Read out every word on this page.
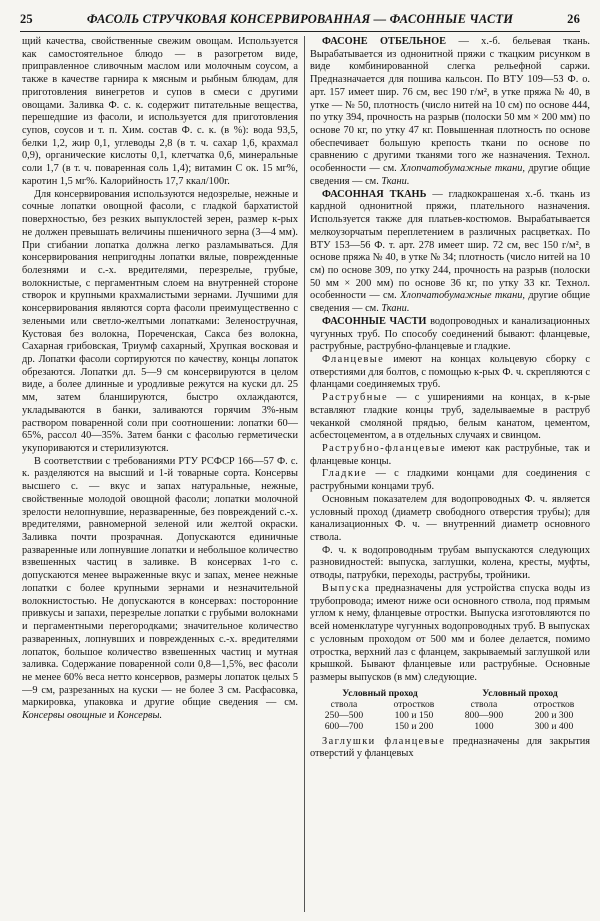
25	ФАСОЛЬ СТРУЧКОВАЯ КОНСЕРВИРОВАННАЯ — ФАСОННЫЕ ЧАСТИ	26

щий качества, свойственные свежим овощам. Используется как самостоятельное блюдо — в разогретом виде, приправленное сливочным маслом или молочным соусом, а также в качестве гарнира к мясным и рыбным блюдам, для приготовления винегретов и супов в смеси с другими овощами. Заливка Ф. с. к. содержит питательные вещества, перешедшие из фасоли, и используется для приготовления супов, соусов и т. п. Хим. состав Ф. с. к. (в %): вода 93,5, белки 1,2, жир 0,1, углеводы 2,8 (в т. ч. сахар 1,6, крахмал 0,9), органические кислоты 0,1, клетчатка 0,6, минеральные соли 1,7 (в т. ч. поваренная соль 1,4); витамин С ок. 15 мг%, каротин 1,5 мг%. Калорийность 17,7 ккал/100г.

Для консервирования используются недозрелые, нежные и сочные лопатки овощной фасоли, с гладкой бархатистой поверхностью, без резких выпуклостей зерен, размер к-рых не должен превышать величины пшеничного зерна (3—4 мм). При сгибании лопатка должна легко разламываться. Для консервирования непригодны лопатки вялые, поврежденные болезнями и с.-х. вредителями, перезрелые, грубые, волокнистые, с пергаментным слоем на внутренней стороне створок и крупными крахмалистыми зернами. Лучшими для консервирования являются сорта фасоли преимущественно с зелеными или светло-желтыми лопатками: Зеленостручная, Кустовая без волокна, Пореченская, Сакса без волокна, Сахарная грибовская, Триумф сахарный, Хрупкая восковая и др. Лопатки фасоли сортируются по качеству, концы лопаток обрезаются. Лопатки дл. 5—9 см консервируются в целом виде, а более длинные и уродливые режутся на куски дл. 25 мм, затем бланшируются, быстро охлаждаются, укладываются в банки, заливаются горячим 3%-ным раствором поваренной соли при соотношении: лопатки 60—65%, рассол 40—35%. Затем банки с фасолью герметически укупориваются и стерилизуются.

В соответствии с требованиями РТУ РСФСР 166—57 Ф. с. к. разделяются на высший и 1-й товарные сорта. Консервы высшего с. — вкус и запах натуральные, нежные, свойственные молодой овощной фасоли; лопатки молочной зрелости нелопнувшие, неразваренные, без повреждений с.-х. вредителями, равномерной зеленой или желтой окраски. Заливка почти прозрачная. Допускаются единичные разваренные или лопнувшие лопатки и небольшое количество взвешенных частиц в заливке. В консервах 1-го с. допускаются менее выраженные вкус и запах, менее нежные лопатки с более крупными зернами и незначительной волокнистостью. Не допускаются в консервах: посторонние привкусы и запахи, перезрелые лопатки с грубыми волокнами и пергаментными перегородками; значительное количество разваренных, лопнувших и поврежденных с.-х. вредителями лопаток, большое количество взвешенных частиц и мутная заливка. Содержание поваренной соли 0,8—1,5%, вес фасоли не менее 60% веса нетто консервов, размеры лопаток целых 5—9 см, разрезанных на куски — не более 3 см. Расфасовка, маркировка, упаковка и другие общие сведения — см. Консервы овощные и Консервы.

ФАСОНЕ ОТБЕЛЬНОЕ — х.-б. бельевая ткань. Вырабатывается из однонитной пряжи с ткацким рисунком в виде комбинированной слегка рельефной саржи. Предназначается для пошива кальсон. По ВТУ 109—53 Ф. о. арт. 157 имеет шир. 76 см, вес 190 г/м², в утке пряжа № 40, в утке — № 50, плотность (число нитей на 10 см) по основе 444, по утку 394, прочность на разрыв (полоски 50 мм × 200 мм) по основе 70 кг, по утку 47 кг. Повышенная плотность по основе обеспечивает большую крепость ткани по основе по сравнению с другими тканями того же назначения. Технол. особенности — см. Хлопчатобумажные ткани, другие общие сведения — см. Ткани.

ФАСОННАЯ ТКАНЬ — гладкокрашеная х.-б. ткань из кардной однонитной пряжи, плательного назначения. Используется также для платьев-костюмов. Вырабатывается мелкоузорчатым переплетением в различных расцветках. По ВТУ 153—56 Ф. т. арт. 278 имеет шир. 72 см, вес 150 г/м², в основе пряжа № 40, в утке № 34; плотность (число нитей на 10 см) по основе 309, по утку 244, прочность на разрыв (полоски 50 мм × 200 мм) по основе 36 кг, по утку 33 кг. Технол. особенности — см. Хлопчатобумажные ткани, другие общие сведения — см. Ткани.

ФАСОННЫЕ ЧАСТИ водопроводных и канализационных чугунных труб. По способу соединений бывают: фланцевые, раструбные, раструбно-фланцевые и гладкие.

Фланцевые имеют на концах кольцевую сборку с отверстиями для болтов, с помощью к-рых Ф. ч. скрепляются с фланцами соединяемых труб.

Раструбные — с уширениями на концах, в к-рые вставляют гладкие концы труб, заделываемые в раструб чеканкой смоляной прядью, белым канатом, цементом, асбестоцементом, а в отдельных случаях и свинцом.

Раструбно-фланцевые имеют как раструбные, так и фланцевые концы.

Гладкие — с гладкими концами для соединения с раструбными концами труб.

Основным показателем для водопроводных Ф. ч. является условный проход (диаметр свободного отверстия трубы); для канализационных Ф. ч. — внутренний диаметр основного ствола.

Ф. ч. к водопроводным трубам выпускаются следующих разновидностей: выпуска, заглушки, колена, кресты, муфты, отводы, патрубки, переходы, раструбы, тройники.

Выпуска предназначены для устройства спуска воды из трубопровода; имеют ниже оси основного ствола, под прямым углом к нему, фланцевые отростки. Выпуска изготовляются по всей номенклатуре чугунных водопроводных труб. В выпусках с условным проходом от 500 мм и более делается, помимо отростка, верхний лаз с фланцем, закрываемый заглушкой или крышкой. Бывают фланцевые или раструбные. Основные размеры выпусков (в мм) следующие.

Условный проход		Условный проход	
ствола	отростков	ствола	отростков
250—500	100 и 150	800—900	200 и 300
600—700	150 и 200	1000	300 и 400

Заглушки фланцевые предназначены для закрытия отверстий у фланцевых
